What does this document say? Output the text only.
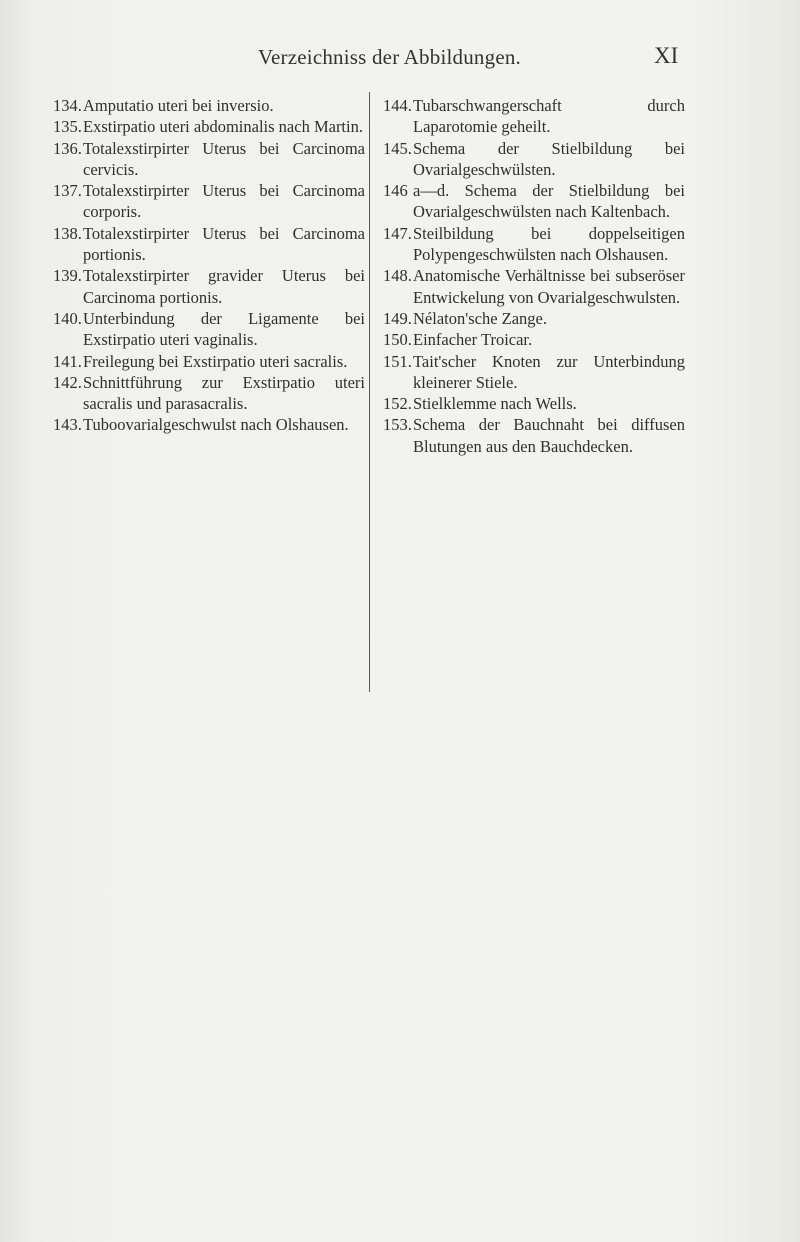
Verzeichniss der Abbildungen.	XI
134. Amputatio uteri bei inversio.
135. Exstirpatio uteri abdominalis nach Martin.
136. Totalexstirpirter Uterus bei Carcinoma cervicis.
137. Totalexstirpirter Uterus bei Carcinoma corporis.
138. Totalexstirpirter Uterus bei Carcinoma portionis.
139. Totalexstirpirter gravider Uterus bei Carcinoma portionis.
140. Unterbindung der Ligamente bei Exstirpatio uteri vaginalis.
141. Freilegung bei Exstirpatio uteri sacralis.
142. Schnittführung zur Exstirpatio uteri sacralis und parasacralis.
143. Tuboovarialgeschwulst nach Olshausen.
144. Tubarschwangerschaft durch Laparotomie geheilt.
145. Schema der Stielbildung bei Ovarialgeschwülsten.
146 a—d. Schema der Stielbildung bei Ovarialgeschwülsten nach Kaltenbach.
147. Steilbildung bei doppelseitigen Polypengeschwülsten nach Olshausen.
148. Anatomische Verhältnisse bei subseröser Entwickelung von Ovarialgeschwulsten.
149. Nélaton'sche Zange.
150. Einfacher Troicar.
151. Tait'scher Knoten zur Unterbindung kleinerer Stiele.
152. Stielklemme nach Wells.
153. Schema der Bauchnaht bei diffusen Blutungen aus den Bauchdecken.
